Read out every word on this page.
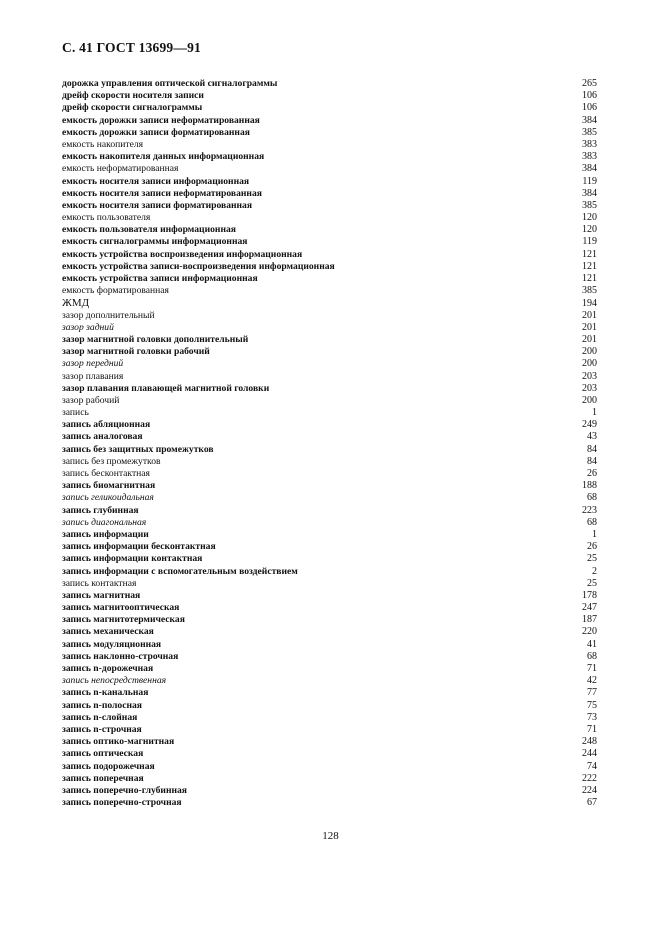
С. 41 ГОСТ 13699—91
дорожка управления оптической сигналограммы	265
дрейф скорости носителя записи	106
дрейф скорости сигналограммы	106
емкость дорожки записи неформатированная	384
емкость дорожки записи форматированная	385
емкость накопителя	383
емкость накопителя данных информационная	383
емкость неформатированная	384
емкость носителя записи информационная	119
емкость носителя записи неформатированная	384
емкость носителя записи форматированная	385
емкость пользователя	120
емкость пользователя информационная	120
емкость сигналограммы информационная	119
емкость устройства воспроизведения информационная	121
емкость устройства записи-воспроизведения информационная	121
емкость устройства записи информационная	121
емкость форматированная	385
ЖМД	194
зазор дополнительный	201
зазор задний	201
зазор магнитной головки дополнительный	201
зазор магнитной головки рабочий	200
зазор передний	200
зазор плавания	203
зазор плавания плавающей магнитной головки	203
зазор рабочий	200
запись	1
запись абляционная	249
запись аналоговая	43
запись без защитных промежутков	84
запись без промежутков	84
запись бесконтактная	26
запись биомагнитная	188
запись геликоидальная	68
запись глубинная	223
запись диагональная	68
запись информации	1
запись информации бесконтактная	26
запись информации контактная	25
запись информации с вспомогательным воздействием	2
запись контактная	25
запись магнитная	178
запись магнитооптическая	247
запись магнитотермическая	187
запись механическая	220
запись модуляционная	41
запись наклонно-строчная	68
запись n-дорожечная	71
запись непосредственная	42
запись n-канальная	77
запись n-полосная	75
запись n-слойная	73
запись n-строчная	71
запись оптико-магнитная	248
запись оптическая	244
запись подорожечная	74
запись поперечная	222
запись поперечно-глубинная	224
запись поперечно-строчная	67
128
